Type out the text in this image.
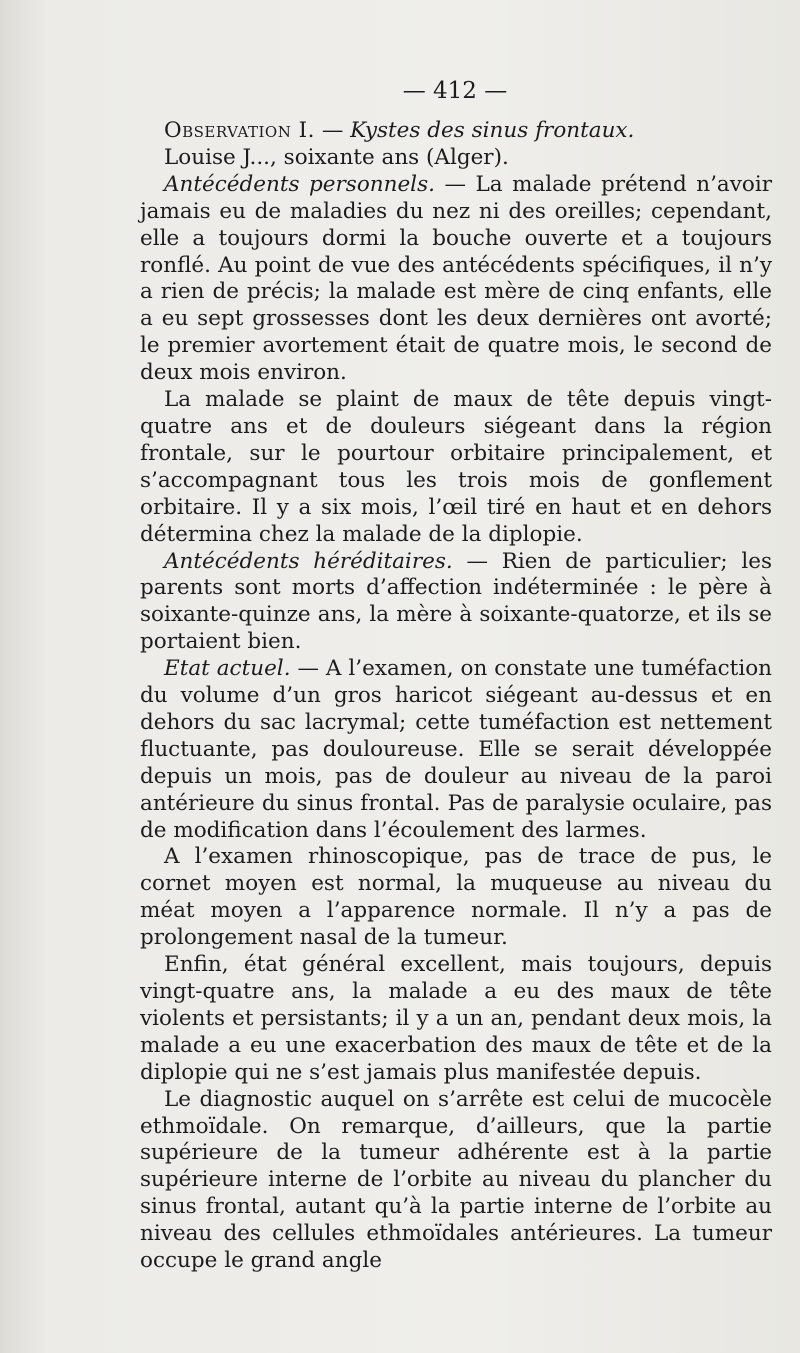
— 412 —
Observation I. — Kystes des sinus frontaux.

Louise J..., soixante ans (Alger).

Antécédents personnels. — La malade prétend n’avoir jamais eu de maladies du nez ni des oreilles; cependant, elle a toujours dormi la bouche ouverte et a toujours ronflé. Au point de vue des antécédents spécifiques, il n’y a rien de précis; la malade est mère de cinq enfants, elle a eu sept grossesses dont les deux dernières ont avorté; le premier avortement était de quatre mois, le second de deux mois environ.

La malade se plaint de maux de tête depuis vingt-quatre ans et de douleurs siégeant dans la région frontale, sur le pourtour orbitaire principalement, et s’accompagnant tous les trois mois de gonflement orbitaire. Il y a six mois, l’œil tiré en haut et en dehors détermina chez la malade de la diplopie.

Antécédents héréditaires. — Rien de particulier; les parents sont morts d’affection indéterminée : le père à soixante-quinze ans, la mère à soixante-quatorze, et ils se portaient bien.

Etat actuel. — A l’examen, on constate une tuméfaction du volume d’un gros haricot siégeant au-dessus et en dehors du sac lacrymal; cette tuméfaction est nettement fluctuante, pas douloureuse. Elle se serait développée depuis un mois, pas de douleur au niveau de la paroi antérieure du sinus frontal. Pas de paralysie oculaire, pas de modification dans l’écoulement des larmes.

A l’examen rhinoscopique, pas de trace de pus, le cornet moyen est normal, la muqueuse au niveau du méat moyen a l’apparence normale. Il n’y a pas de prolongement nasal de la tumeur.

Enfin, état général excellent, mais toujours, depuis vingt-quatre ans, la malade a eu des maux de tête violents et persistants; il y a un an, pendant deux mois, la malade a eu une exacerbation des maux de tête et de la diplopie qui ne s’est jamais plus manifestée depuis.

Le diagnostic auquel on s’arrête est celui de mucocèle ethmoïdale. On remarque, d’ailleurs, que la partie supérieure de la tumeur adhérente est à la partie supérieure interne de l’orbite au niveau du plancher du sinus frontal, autant qu’à la partie interne de l’orbite au niveau des cellules ethmoïdales antérieures. La tumeur occupe le grand angle
